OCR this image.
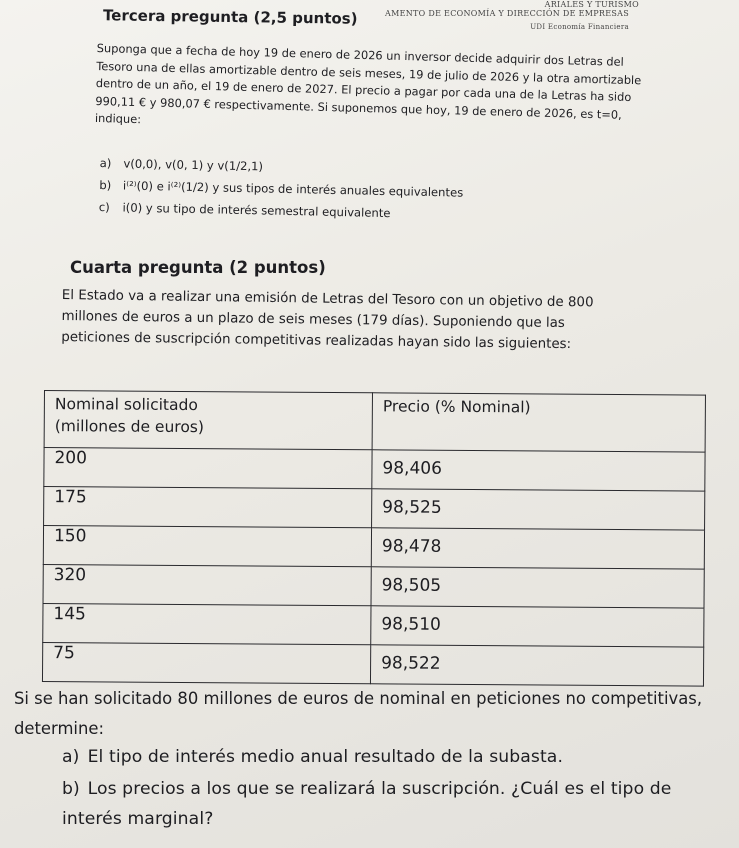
ARIALES Y TURISMO
AMENTO DE ECONOMÍA Y DIRECCIÓN DE EMPRESAS
UDI Economía Financiera
Tercera pregunta (2,5 puntos)

Suponga que a fecha de hoy 19 de enero de 2026 un inversor decide adquirir dos Letras del Tesoro una de ellas amortizable dentro de seis meses, 19 de julio de 2026 y la otra amortizable dentro de un año, el 19 de enero de 2027. El precio a pagar por cada una de la Letras ha sido 990,11 € y 980,07 € respectivamente. Si suponemos que hoy, 19 de enero de 2026, es t=0, indique:

a) v(0,0), v(0, 1) y v(1/2,1)
b) i⁽²⁾(0) e i⁽²⁾(1/2) y sus tipos de interés anuales equivalentes
c) i(0) y su tipo de interés semestral equivalente
Cuarta pregunta (2 puntos)

El Estado va a realizar una emisión de Letras del Tesoro con un objetivo de 800 millones de euros a un plazo de seis meses (179 días). Suponiendo que las peticiones de suscripción competitivas realizadas hayan sido las siguientes:

Nominal solicitado
(millones de euros)	Precio (% Nominal)

200	98,406

175	98,525

150	98,478

320	98,505

145	98,510

75	98,522

Si se han solicitado 80 millones de euros de nominal en peticiones no competitivas, determine:

a) El tipo de interés medio anual resultado de la subasta.
b) Los precios a los que se realizará la suscripción. ¿Cuál es el tipo de interés marginal?
